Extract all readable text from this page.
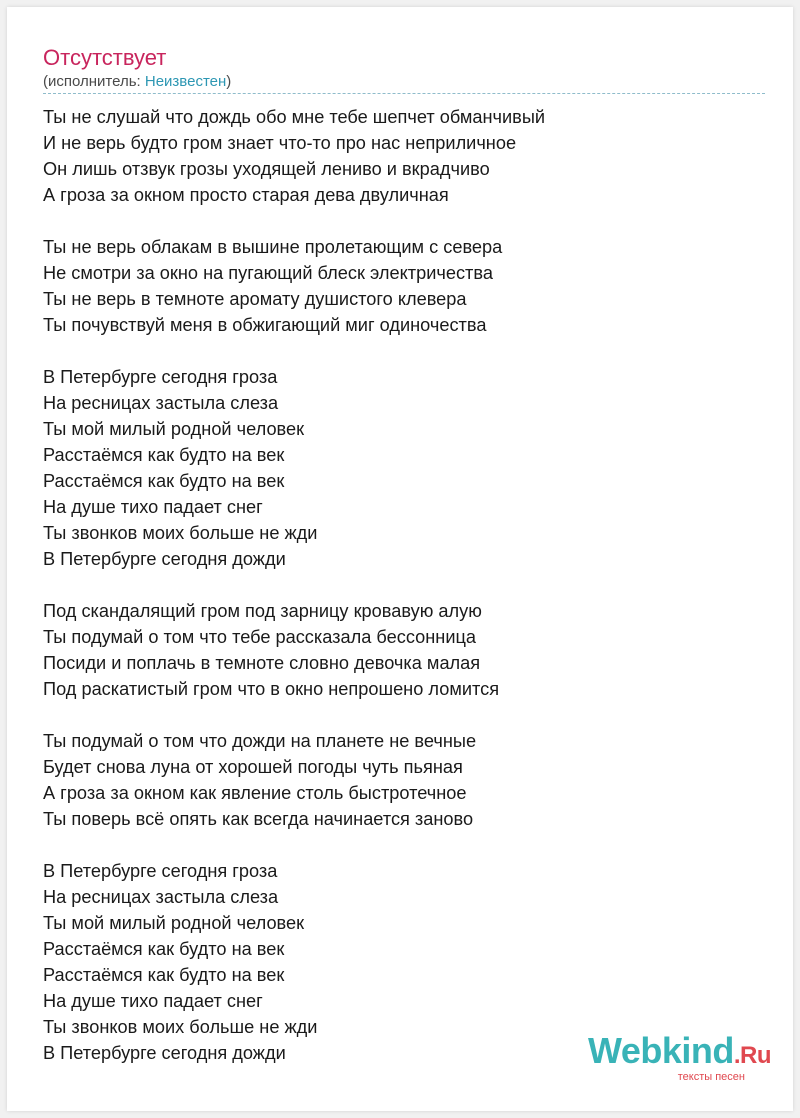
Отсутствует
(исполнитель: Неизвестен)
Ты не слушай что дождь обо мне тебе шепчет обманчивый
И не верь будто гром знает что-то про нас неприличное
Он лишь отзвук грозы уходящей лениво и вкрадчиво
А гроза за окном просто старая дева двуличная
Ты не верь облакам в вышине пролетающим с севера
Не смотри за окно на пугающий блеск электричества
Ты не верь в темноте аромату душистого клевера
Ты почувствуй меня в обжигающий миг одиночества
В Петербурге сегодня гроза
На ресницах застыла слеза
Ты мой милый родной человек
Расстаёмся как будто на век
Расстаёмся как будто на век
На душе тихо падает снег
Ты звонков моих больше не жди
В Петербурге сегодня дожди
Под скандалящий гром под зарницу кровавую алую
Ты подумай о том что тебе рассказала бессонница
Посиди и поплачь в темноте словно девочка малая
Под раскатистый гром что в окно непрошено ломится
Ты подумай о том что дожди на планете не вечные
Будет снова луна от хорошей погоды чуть пьяная
А гроза за окном как явление столь быстротечное
Ты поверь всё опять как всегда начинается заново
В Петербурге сегодня гроза
На ресницах застыла слеза
Ты мой милый родной человек
Расстаёмся как будто на век
Расстаёмся как будто на век
На душе тихо падает снег
Ты звонков моих больше не жди
В Петербурге сегодня дожди	Webkind.Ru
тексты песен
